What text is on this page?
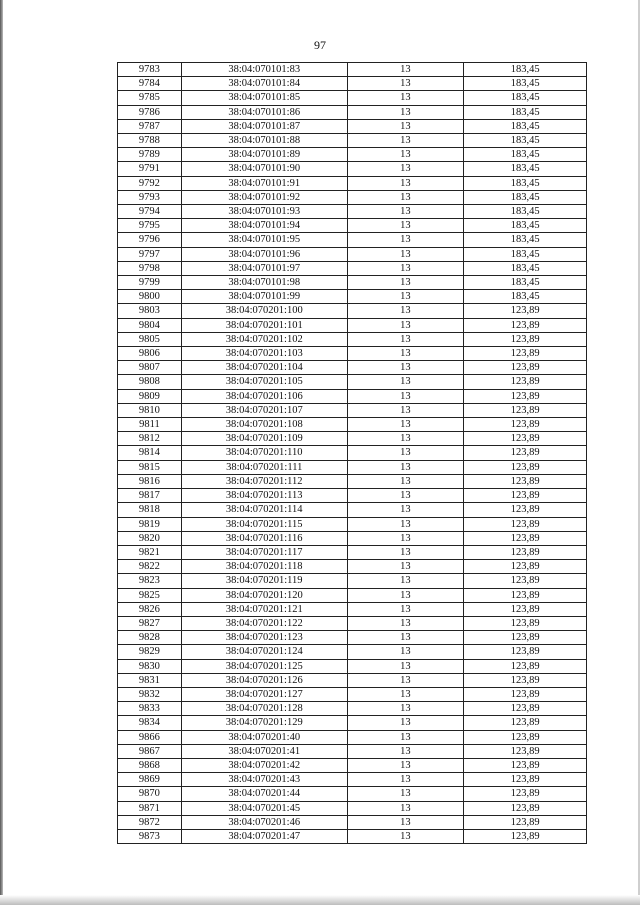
97
9783	38:04:070101:83	13	183,45
9784	38:04:070101:84	13	183,45
9785	38:04:070101:85	13	183,45
9786	38:04:070101:86	13	183,45
9787	38:04:070101:87	13	183,45
9788	38:04:070101:88	13	183,45
9789	38:04:070101:89	13	183,45
9791	38:04:070101:90	13	183,45
9792	38:04:070101:91	13	183,45
9793	38:04:070101:92	13	183,45
9794	38:04:070101:93	13	183,45
9795	38:04:070101:94	13	183,45
9796	38:04:070101:95	13	183,45
9797	38:04:070101:96	13	183,45
9798	38:04:070101:97	13	183,45
9799	38:04:070101:98	13	183,45
9800	38:04:070101:99	13	183,45
9803	38:04:070201:100	13	123,89
9804	38:04:070201:101	13	123,89
9805	38:04:070201:102	13	123,89
9806	38:04:070201:103	13	123,89
9807	38:04:070201:104	13	123,89
9808	38:04:070201:105	13	123,89
9809	38:04:070201:106	13	123,89
9810	38:04:070201:107	13	123,89
9811	38:04:070201:108	13	123,89
9812	38:04:070201:109	13	123,89
9814	38:04:070201:110	13	123,89
9815	38:04:070201:111	13	123,89
9816	38:04:070201:112	13	123,89
9817	38:04:070201:113	13	123,89
9818	38:04:070201:114	13	123,89
9819	38:04:070201:115	13	123,89
9820	38:04:070201:116	13	123,89
9821	38:04:070201:117	13	123,89
9822	38:04:070201:118	13	123,89
9823	38:04:070201:119	13	123,89
9825	38:04:070201:120	13	123,89
9826	38:04:070201:121	13	123,89
9827	38:04:070201:122	13	123,89
9828	38:04:070201:123	13	123,89
9829	38:04:070201:124	13	123,89
9830	38:04:070201:125	13	123,89
9831	38:04:070201:126	13	123,89
9832	38:04:070201:127	13	123,89
9833	38:04:070201:128	13	123,89
9834	38:04:070201:129	13	123,89
9866	38:04:070201:40	13	123,89
9867	38:04:070201:41	13	123,89
9868	38:04:070201:42	13	123,89
9869	38:04:070201:43	13	123,89
9870	38:04:070201:44	13	123,89
9871	38:04:070201:45	13	123,89
9872	38:04:070201:46	13	123,89
9873	38:04:070201:47	13	123,89
